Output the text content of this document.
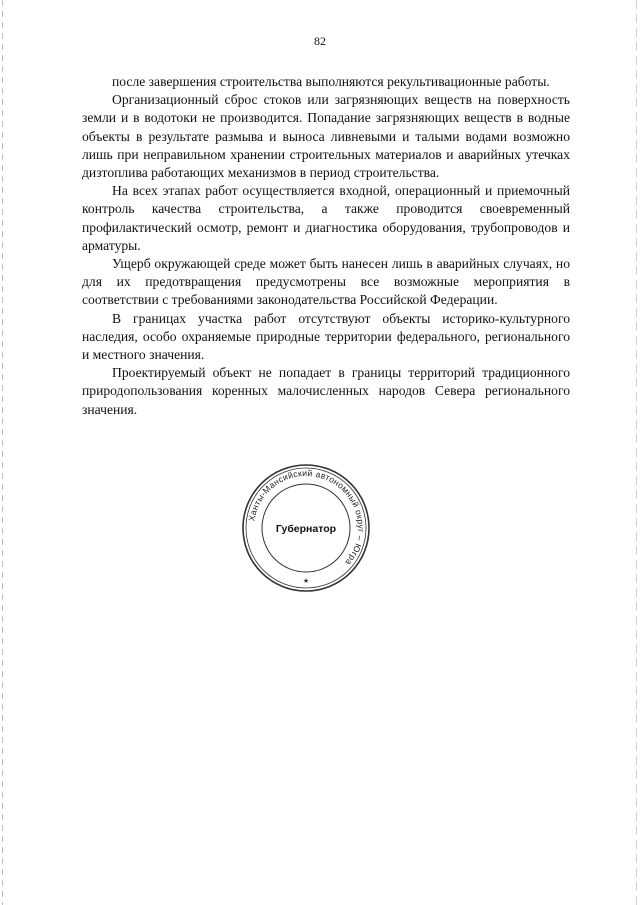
82

после завершения строительства выполняются рекультивационные работы.

Организационный сброс стоков или загрязняющих веществ на поверхность земли и в водотоки не производится. Попадание загрязняющих веществ в водные объекты в результате размыва и выноса ливневыми и талыми водами возможно лишь при неправильном хранении строительных материалов и аварийных утечках дизтоплива работающих механизмов в период строительства.

На всех этапах работ осуществляется входной, операционный и приемочный контроль качества строительства, а также проводится своевременный профилактический осмотр, ремонт и диагностика оборудования, трубопроводов и арматуры.

Ущерб окружающей среде может быть нанесен лишь в аварийных случаях, но для их предотвращения предусмотрены все возможные мероприятия в соответствии с требованиями законодательства Российской Федерации.

В границах участка работ отсутствуют объекты историко-культурного наследия, особо охраняемые природные территории федерального, регионального и местного значения.

Проектируемый объект не попадает в границы территорий традиционного природопользования коренных малочисленных народов Севера регионального значения.

Ханты-Мансийский автономный округ – Югра
Губернатор
★
